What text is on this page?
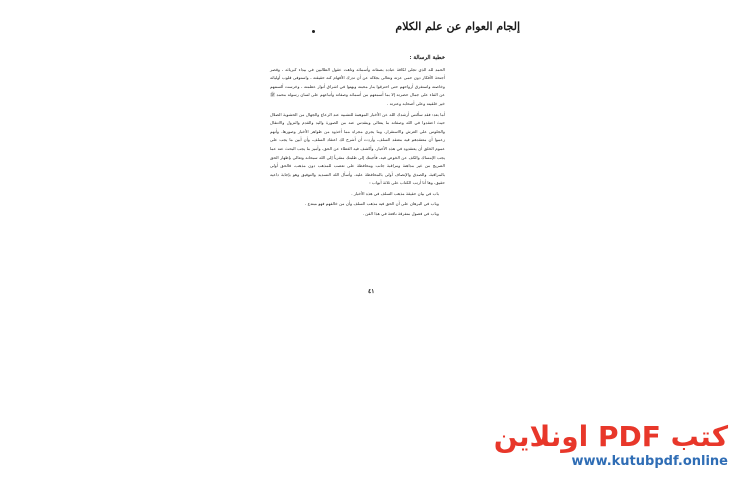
إلجام العوام عن علم الكلام
خطبة الرسالة :

الحمد لله الذي تجلى لكافة عباده بصفاته وأسمائه وتاهت عقول الطالبين في بيداء كبريائه ، وقصر أجنحة الأفكار دون حمى عزته وتعالى بجلاله عن أن تدرك الأفهام كنه حقيقته ، واستوفى قلوب أوليائه وخاصته واستغرق أرواحهم حتى احترقوا بنار محبته وبهتوا في اشراق أنوار عظمته ، وخرست ألسنتهم عن الثناء على جمال حضرته إلا بما أسمعهم من أسمائه وصفاته وأتباعهم على لسان رسوله محمد ﷺ خير خلقيته وعلى أصحابه وعترته .

أما بعد: فقد سألتني أرشدك الله عن الأخبار الموهمة للتشبيه عند الرعاع والجهال من الحشوية الضلال حيث اعتقدوا في الله وصفاته ما يتعالى ويتقدس عنه من الصورة واليد والقدم والنزول والانتقال والجلوس على العرش والاستقرار، وما يجري مجراه مما أخذوه من ظواهر الأخبار وصورها، وأنهم زعموا أن معتقدهم فيه معتقد السلف، وأردت أن أشرح لك اعتقاد السلف، وأن أبين ما يجب على عموم الخلق أن يعتقدوه في هذه الأخبار، وأكشف فيه الغطاء عن الحق، وأميز ما يجب البحث عنه عما يجب الإمساك والكف عن الخوض فيه، فأجبتك إلى طلبتك متقرباً إلى الله سبحانه وتعالى بإظهار الحق الصريح من غير مداهنة ومراقبة جانب ومحافظة على تعصب للمذهب دون مذهب، فالحق أولى بالمراقبة، والصدق والإنصاف أولى بالمحافظة عليه، وأسأل الله التسديد والتوفيق وهو بإجابة داعيه حقيق، وها أنا أرتب الكتاب على ثلاثة أبواب :

باب في بيان حقيقة مذهب السلف في هذه الأخبار .
وباب في البرهان على أن الحق فيه مذهب السلف وأن من خالفهم فهو مبتدع .
وباب في فصول متفرقة نافعة في هذا الفن .
٤١
كتب PDF اونلاين
www.kutubpdf.online
